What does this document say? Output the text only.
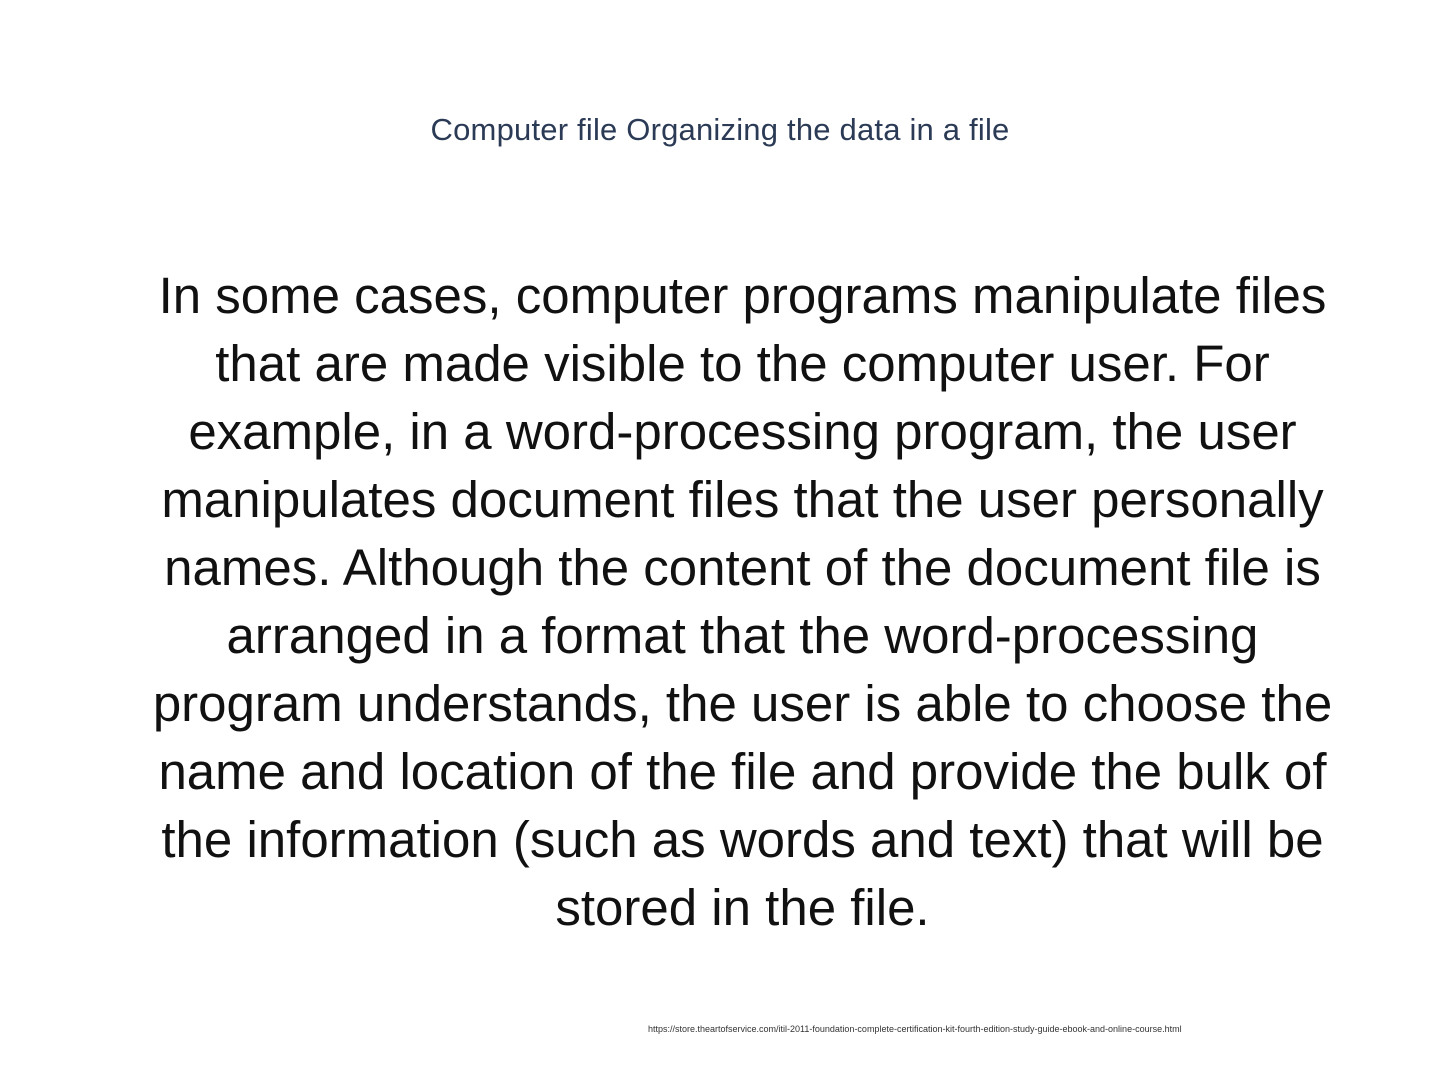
Computer file Organizing the data in a file
In some cases, computer programs manipulate files that are made visible to the computer user. For example, in a word-processing program, the user manipulates document files that the user personally names. Although the content of the document file is arranged in a format that the word-processing program understands, the user is able to choose the name and location of the file and provide the bulk of the information (such as words and text) that will be stored in the file.
https://store.theartofservice.com/itil-2011-foundation-complete-certification-kit-fourth-edition-study-guide-ebook-and-online-course.html
